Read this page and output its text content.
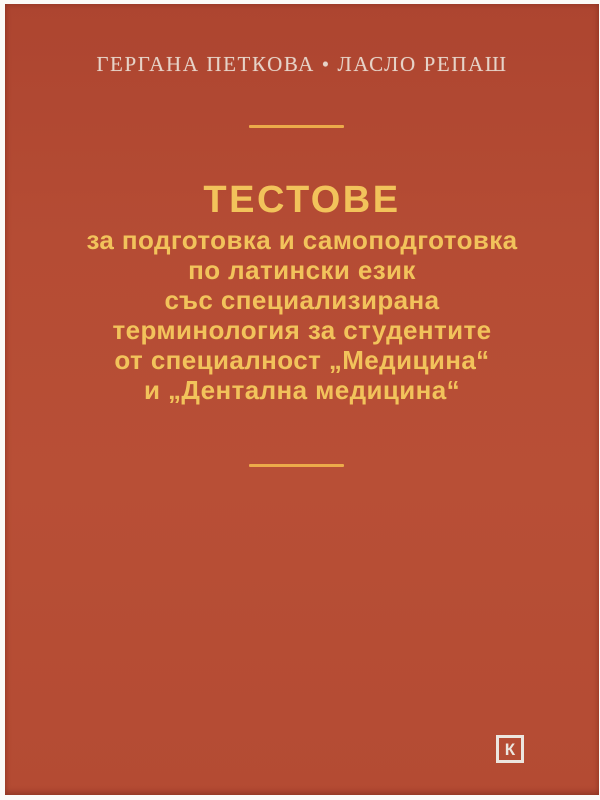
ГЕРГАНА ПЕТКОВА • ЛАСЛО РЕПАШ
ТЕСТОВЕ
за подготовка и самоподготовка
по латински език
със специализирана
терминология за студентите
от специалност „Медицина“
и „Дентална медицина“
К
